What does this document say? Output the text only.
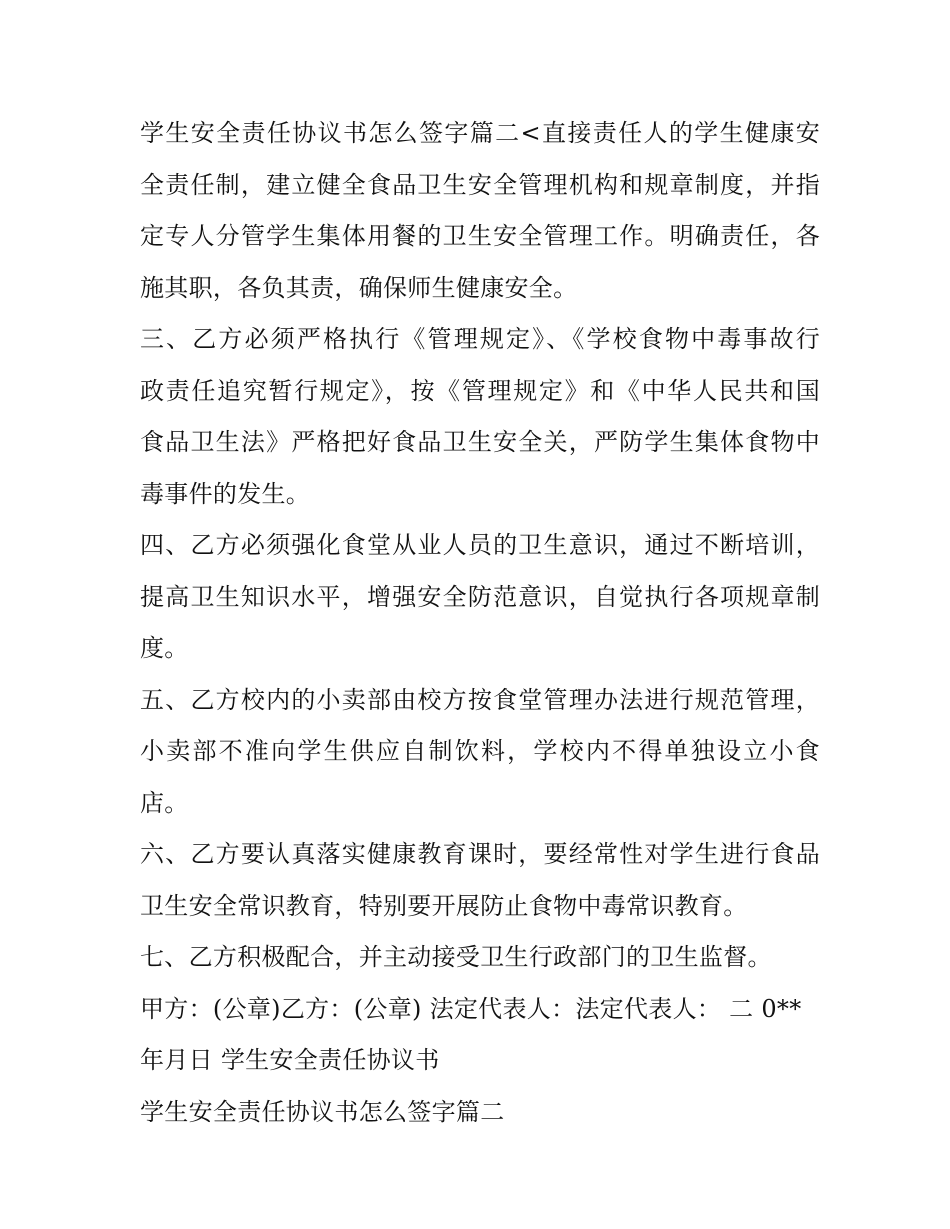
学生安全责任协议书怎么签字篇二<直接责任人的学生健康安
全责任制，建立健全食品卫生安全管理机构和规章制度，并指
定专人分管学生集体用餐的卫生安全管理工作。明确责任，各
施其职，各负其责，确保师生健康安全。
三、乙方必须严格执行《管理规定》、《学校食物中毒事故行
政责任追究暂行规定》，按《管理规定》和《中华人民共和国
食品卫生法》严格把好食品卫生安全关，严防学生集体食物中
毒事件的发生。
四、乙方必须强化食堂从业人员的卫生意识，通过不断培训，
提高卫生知识水平，增强安全防范意识，自觉执行各项规章制
度。
五、乙方校内的小卖部由校方按食堂管理办法进行规范管理，
小卖部不准向学生供应自制饮料，学校内不得单独设立小食
店。
六、乙方要认真落实健康教育课时，要经常性对学生进行食品
卫生安全常识教育，特别要开展防止食物中毒常识教育。
七、乙方积极配合，并主动接受卫生行政部门的卫生监督。
甲方：(公章)乙方：(公章) 法定代表人：法定代表人： 二 0**
年月日 学生安全责任协议书
学生安全责任协议书怎么签字篇二
